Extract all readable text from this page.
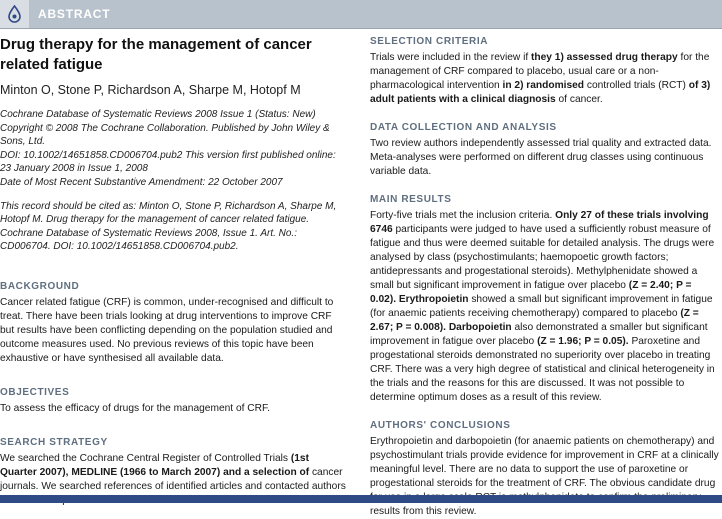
ABSTRACT
Drug therapy for the management of cancer related fatigue
Minton O, Stone P, Richardson A, Sharpe M, Hotopf M
Cochrane Database of Systematic Reviews 2008 Issue 1 (Status: New)
Copyright © 2008 The Cochrane Collaboration. Published by John Wiley & Sons, Ltd.
DOI: 10.1002/14651858.CD006704.pub2 This version first published online:
23 January 2008 in Issue 1, 2008
Date of Most Recent Substantive Amendment: 22 October 2007
This record should be cited as: Minton O, Stone P, Richardson A, Sharpe M, Hotopf M. Drug therapy for the management of cancer related fatigue. Cochrane Database of Systematic Reviews 2008, Issue 1. Art. No.: CD006704. DOI: 10.1002/14651858.CD006704.pub2.
BACKGROUND
Cancer related fatigue (CRF) is common, under-recognised and difficult to treat. There have been trials looking at drug interventions to improve CRF but results have been conflicting depending on the population studied and outcome measures used. No previous reviews of this topic have been exhaustive or have synthesised all available data.
OBJECTIVES
To assess the efficacy of drugs for the management of CRF.
SEARCH STRATEGY
We searched the Cochrane Central Register of Controlled Trials (1st Quarter 2007), MEDLINE (1966 to March 2007) and a selection of cancer journals. We searched references of identified articles and contacted authors
SELECTION CRITERIA
Trials were included in the review if they 1) assessed drug therapy for the management of CRF compared to placebo, usual care or a non-pharmacological intervention in 2) randomised controlled trials (RCT) of 3) adult patients with a clinical diagnosis of cancer.
DATA COLLECTION AND ANALYSIS
Two review authors independently assessed trial quality and extracted data. Meta-analyses were performed on different drug classes using continuous variable data.
MAIN RESULTS
Forty-five trials met the inclusion criteria. Only 27 of these trials involving 6746 participants were judged to have used a sufficiently robust measure of fatigue and thus were deemed suitable for detailed analysis. The drugs were analysed by class (psychostimulants; haemopoetic growth factors; antidepressants and progestational steroids). Methylphenidate showed a small but significant improvement in fatigue over placebo (Z = 2.40; P = 0.02). Erythropoietin showed a small but significant improvement in fatigue (for anaemic patients receiving chemotherapy) compared to placebo (Z = 2.67; P = 0.008). Darbopoietin also demonstrated a smaller but significant improvement in fatigue over placebo (Z = 1.96; P = 0.05). Paroxetine and progestational steroids demonstrated no superiority over placebo in treating CRF. There was a very high degree of statistical and clinical heterogeneity in the trials and the reasons for this are discussed. It was not possible to determine optimum doses as a result of this review.
AUTHORS' CONCLUSIONS
Erythropoietin and darbopoietin (for anaemic patients on chemotherapy) and psychostimulant trials provide evidence for improvement in CRF at a clinically meaningful level. There are no data to support the use of paroxetine or progestational steroids for the treatment of CRF. The obvious candidate drug results from this review.
